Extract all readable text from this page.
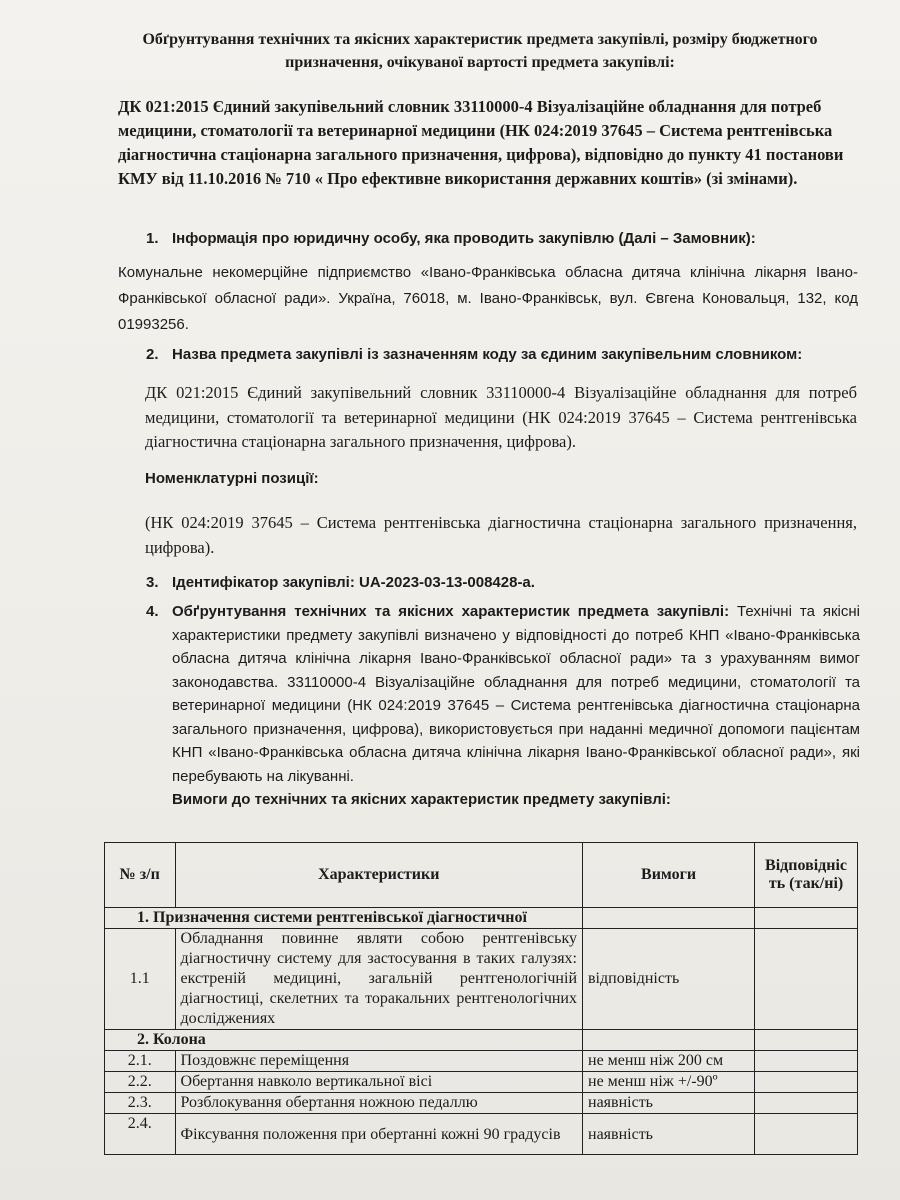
Обґрунтування технічних та якісних характеристик предмета закупівлі, розміру бюджетного
призначення, очікуваної вартості предмета закупівлі:
ДК 021:2015 Єдиний закупівельний словник 33110000-4 Візуалізаційне обладнання для потреб медицини, стоматології та ветеринарної медицини (НК 024:2019 37645 – Система рентгенівська діагностична стаціонарна загального призначення, цифрова), відповідно до пункту 41 постанови КМУ від 11.10.2016 № 710 « Про ефективне використання державних коштів» (зі змінами).
1. Інформація про юридичну особу, яка проводить закупівлю (Далі – Замовник):
Комунальне некомерційне підприємство «Івано-Франківська обласна дитяча клінічна лікарня Івано-Франківської обласної ради». Україна, 76018, м. Івано-Франківськ, вул. Євгена Коновальця, 132, код 01993256.
2. Назва предмета закупівлі із зазначенням коду за єдиним закупівельним словником:
ДК 021:2015 Єдиний закупівельний словник 33110000-4 Візуалізаційне обладнання для потреб медицини, стоматології та ветеринарної медицини (НК 024:2019 37645 – Система рентгенівська діагностична стаціонарна загального призначення, цифрова).
Номенклатурні позиції:
(НК 024:2019 37645 – Система рентгенівська діагностична стаціонарна загального призначення, цифрова).
3. Ідентифікатор закупівлі: UA-2023-03-13-008428-a.
4. Обґрунтування технічних та якісних характеристик предмета закупівлі: Технічні та якісні характеристики предмету закупівлі визначено у відповідності до потреб КНП «Івано-Франківська обласна дитяча клінічна лікарня Івано-Франківської обласної ради» та з урахуванням вимог законодавства. 33110000-4 Візуалізаційне обладнання для потреб медицини, стоматології та ветеринарної медицини (НК 024:2019 37645 – Система рентгенівська діагностична стаціонарна загального призначення, цифрова), використовується при наданні медичної допомоги пацієнтам КНП «Івано-Франківська обласна дитяча клінічна лікарня Івано-Франківської обласної ради», які перебувають на лікуванні.
Вимоги до технічних та якісних характеристик предмету закупівлі:
№ з/п	Характеристики	Вимоги	Відповідніс ть (так/ні)
1. Призначення системи рентгенівської діагностичної			
1.1	Обладнання повинне являти собою рентгенівську діагностичну систему для застосування в таких галузях: екстреній медицині, загальній рентгенологічній діагностиці, скелетних та торакальних рентгенологічних досліджениях	відповідність	
2. Колона			
2.1.	Поздовжнє переміщення	не менш ніж 200 см	
2.2.	Обертання навколо вертикальної вісі	не менш ніж +/-90º	
2.3.	Розблокування обертання ножною педаллю	наявність	
2.4.	Фіксування положення при обертанні кожні 90 градусів	наявність	
